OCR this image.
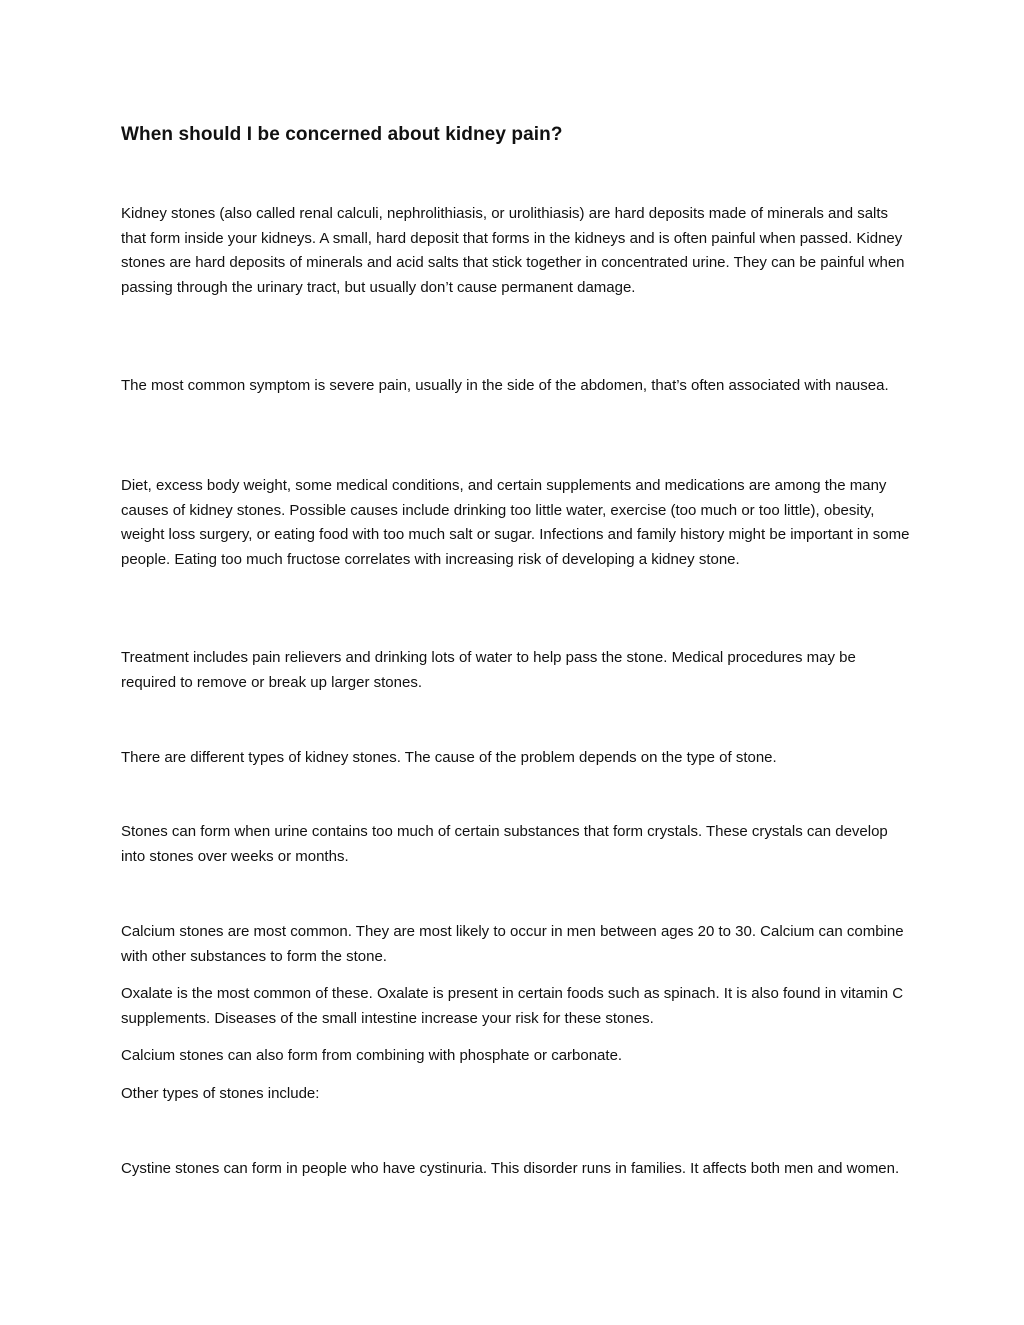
When should I be concerned about kidney pain?

Kidney stones (also called renal calculi, nephrolithiasis, or urolithiasis) are hard deposits made of minerals and salts that form inside your kidneys. A small, hard deposit that forms in the kidneys and is often painful when passed. Kidney stones are hard deposits of minerals and acid salts that stick together in concentrated urine. They can be painful when passing through the urinary tract, but usually don’t cause permanent damage.

The most common symptom is severe pain, usually in the side of the abdomen, that’s often associated with nausea.

Diet, excess body weight, some medical conditions, and certain supplements and medications are among the many causes of kidney stones. Possible causes include drinking too little water, exercise (too much or too little), obesity, weight loss surgery, or eating food with too much salt or sugar. Infections and family history might be important in some people. Eating too much fructose correlates with increasing risk of developing a kidney stone.

Treatment includes pain relievers and drinking lots of water to help pass the stone. Medical procedures may be required to remove or break up larger stones.

There are different types of kidney stones. The cause of the problem depends on the type of stone.

Stones can form when urine contains too much of certain substances that form crystals. These crystals can develop into stones over weeks or months.

Calcium stones are most common. They are most likely to occur in men between ages 20 to 30. Calcium can combine with other substances to form the stone.

Oxalate is the most common of these. Oxalate is present in certain foods such as spinach. It is also found in vitamin C supplements. Diseases of the small intestine increase your risk for these stones.

Calcium stones can also form from combining with phosphate or carbonate.

Other types of stones include:

Cystine stones can form in people who have cystinuria. This disorder runs in families. It affects both men and women.
